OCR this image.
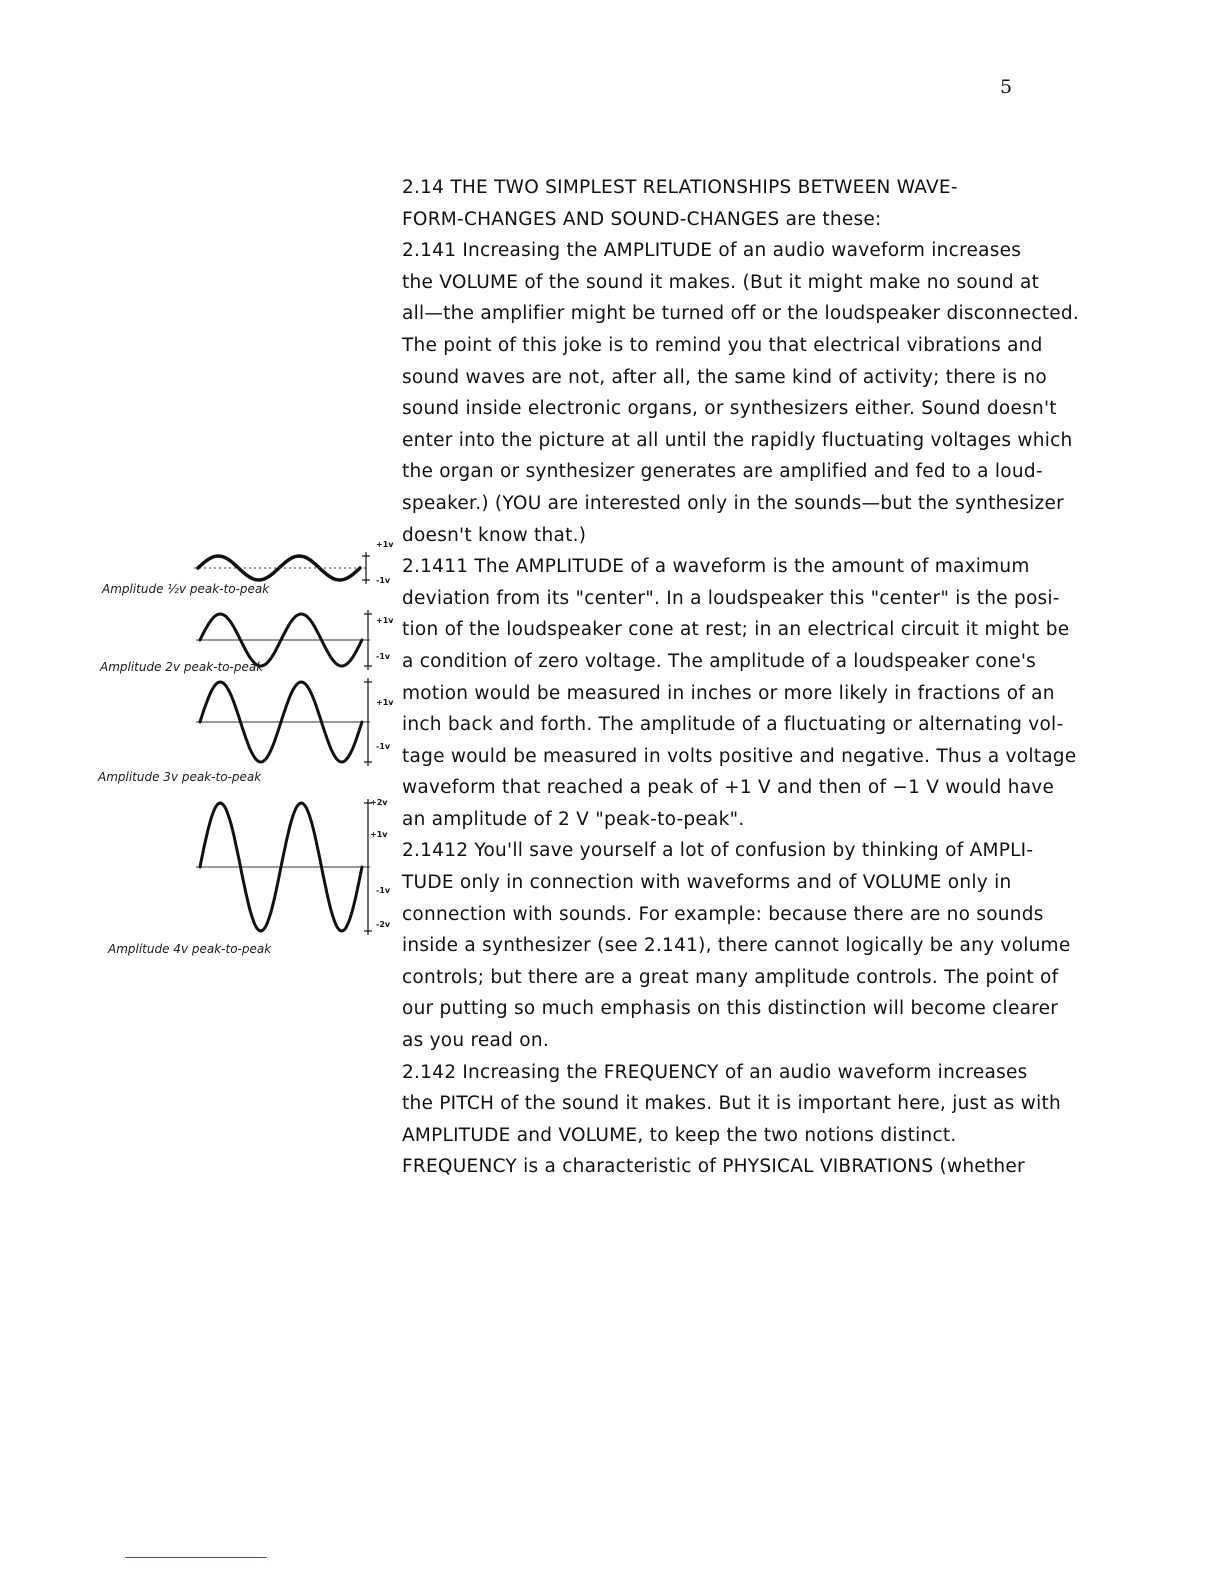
5
2.14 THE TWO SIMPLEST RELATIONSHIPS BETWEEN WAVE-
FORM-CHANGES AND SOUND-CHANGES are these:
2.141 Increasing the AMPLITUDE of an audio waveform increases
the VOLUME of the sound it makes. (But it might make no sound at
all—the amplifier might be turned off or the loudspeaker disconnected.
The point of this joke is to remind you that electrical vibrations and
sound waves are not, after all, the same kind of activity; there is no
sound inside electronic organs, or synthesizers either. Sound doesn't
enter into the picture at all until the rapidly fluctuating voltages which
the organ or synthesizer generates are amplified and fed to a loud-
speaker.) (YOU are interested only in the sounds—but the synthesizer
doesn't know that.)
2.1411 The AMPLITUDE of a waveform is the amount of maximum
deviation from its "center". In a loudspeaker this "center" is the posi-
tion of the loudspeaker cone at rest; in an electrical circuit it might be
a condition of zero voltage. The amplitude of a loudspeaker cone's
motion would be measured in inches or more likely in fractions of an
inch back and forth. The amplitude of a fluctuating or alternating vol-
tage would be measured in volts positive and negative. Thus a voltage
waveform that reached a peak of +1 V and then of −1 V would have
an amplitude of 2 V "peak-to-peak".
2.1412 You'll save yourself a lot of confusion by thinking of AMPLI-
TUDE only in connection with waveforms and of VOLUME only in
connection with sounds. For example: because there are no sounds
inside a synthesizer (see 2.141), there cannot logically be any volume
controls; but there are a great many amplitude controls. The point of
our putting so much emphasis on this distinction will become clearer
as you read on.
2.142 Increasing the FREQUENCY of an audio waveform increases
the PITCH of the sound it makes. But it is important here, just as with
AMPLITUDE and VOLUME, to keep the two notions distinct.
FREQUENCY is a characteristic of PHYSICAL VIBRATIONS (whether
Amplitude ½v peak-to-peak
Amplitude 2v peak-to-peak
Amplitude 3v peak-to-peak
Amplitude 4v peak-to-peak
+1v
-1v
+1v
-1v
+1v
-1v
+2v
+1v
-1v
-2v
